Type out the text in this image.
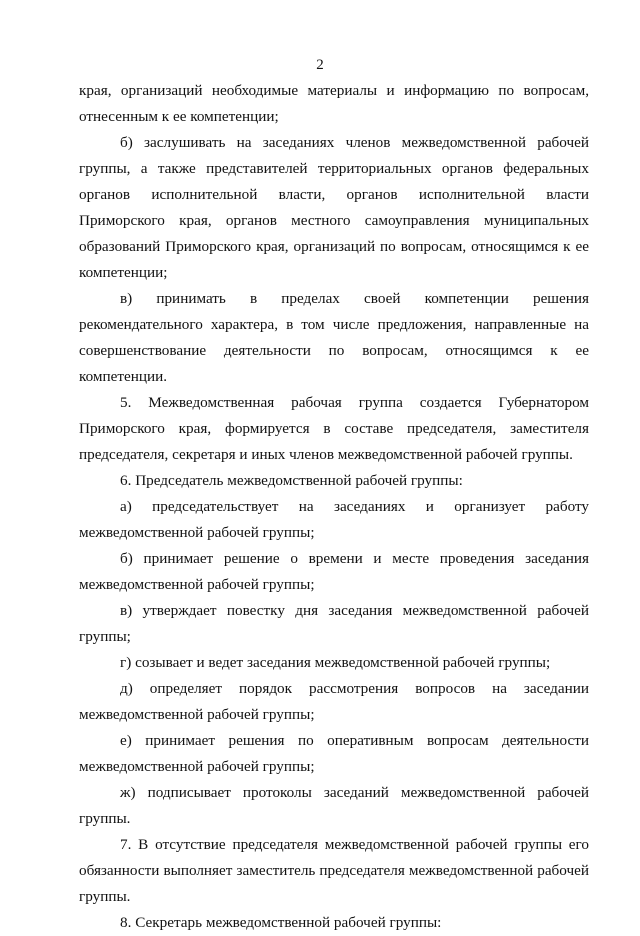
2

края, организаций необходимые материалы и информацию по вопросам, отнесенным к ее компетенции;

б) заслушивать на заседаниях членов межведомственной рабочей группы, а также представителей территориальных органов федеральных органов исполнительной власти, органов исполнительной власти Приморского края, органов местного самоуправления муниципальных образований Приморского края, организаций по вопросам, относящимся к ее компетенции;

в) принимать в пределах своей компетенции решения рекомендательного характера, в том числе предложения, направленные на совершенствование деятельности по вопросам, относящимся к ее компетенции.

5. Межведомственная рабочая группа создается Губернатором Приморского края, формируется в составе председателя, заместителя председателя, секретаря и иных членов межведомственной рабочей группы.

6. Председатель межведомственной рабочей группы:

а) председательствует на заседаниях и организует работу межведомственной рабочей группы;

б) принимает решение о времени и месте проведения заседания межведомственной рабочей группы;

в) утверждает повестку дня заседания межведомственной рабочей группы;

г) созывает и ведет заседания межведомственной рабочей группы;

д) определяет порядок рассмотрения вопросов на заседании межведомственной рабочей группы;

е) принимает решения по оперативным вопросам деятельности межведомственной рабочей группы;

ж) подписывает протоколы заседаний межведомственной рабочей группы.

7. В отсутствие председателя межведомственной рабочей группы его обязанности выполняет заместитель председателя межведомственной рабочей группы.

8. Секретарь межведомственной рабочей группы:
